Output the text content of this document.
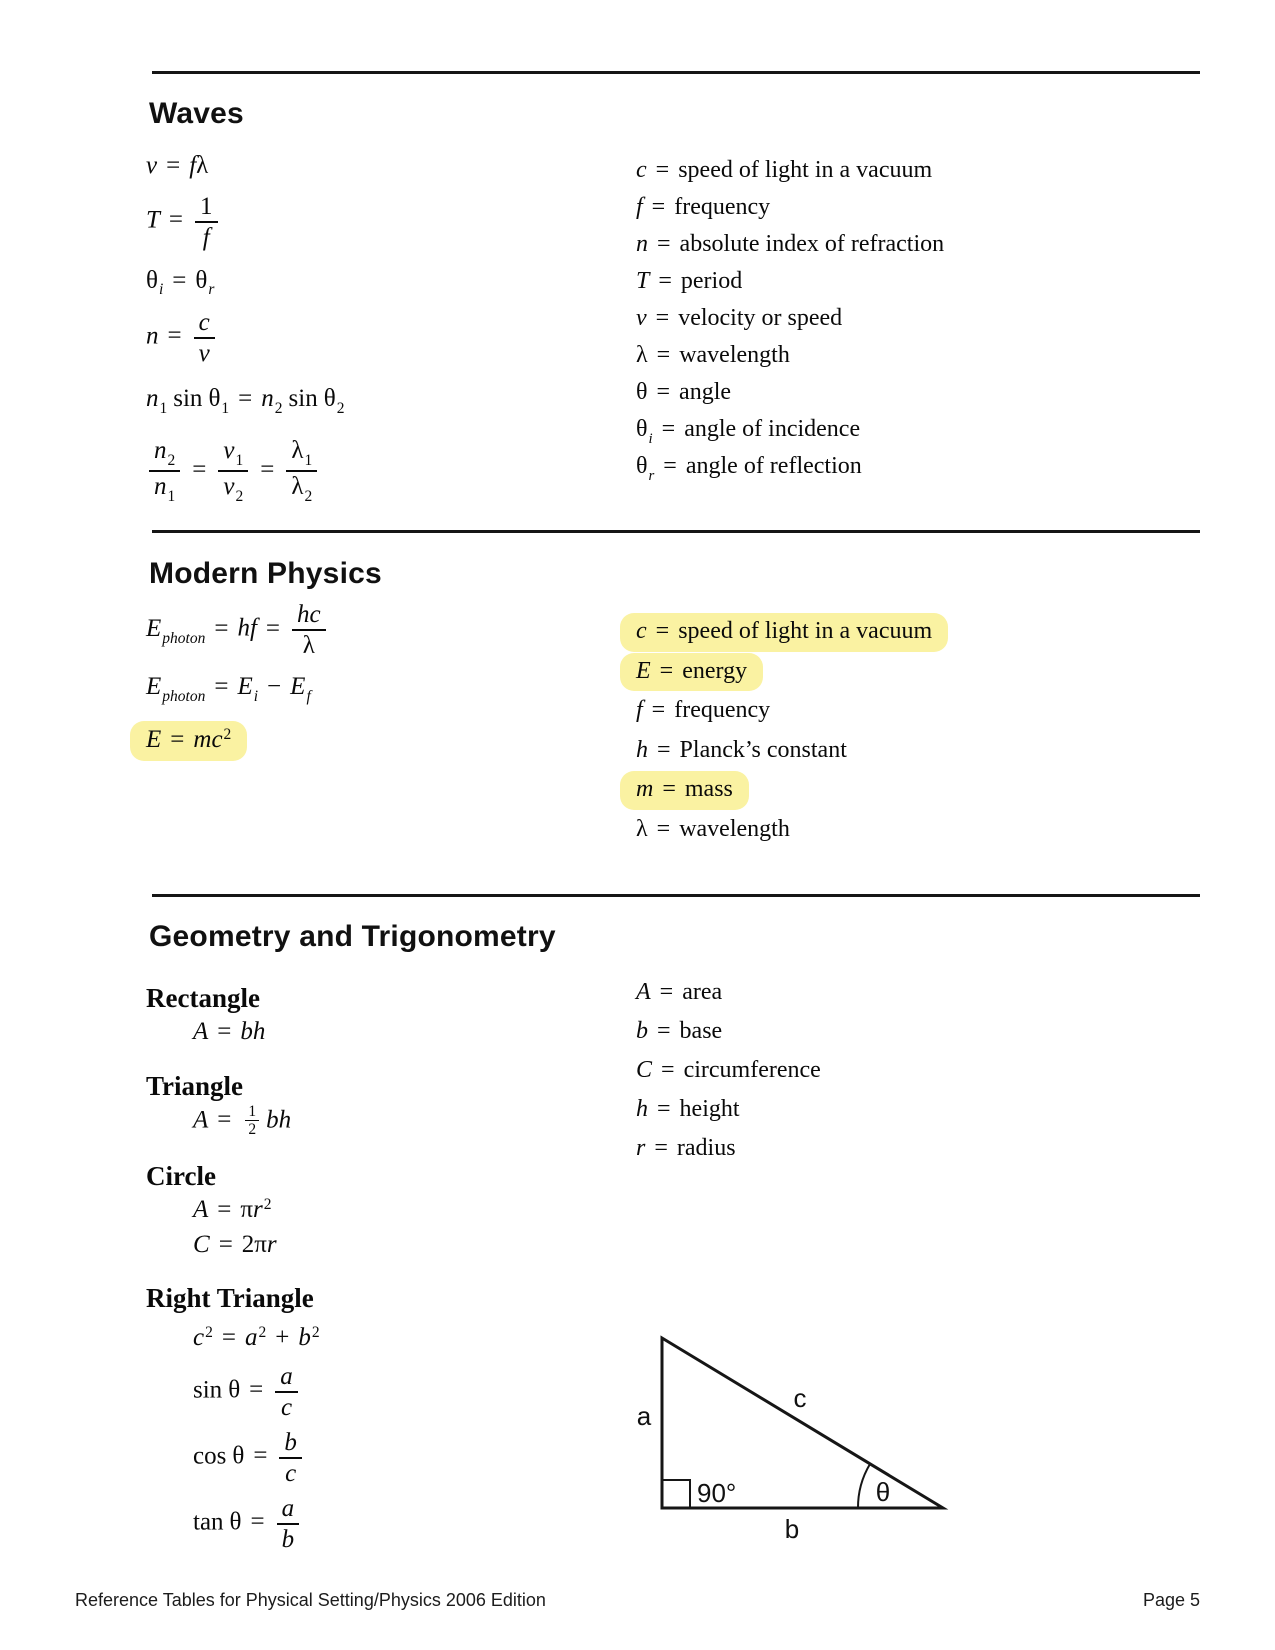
Waves
v = fλ
$T = \frac{1}{f}$
$\theta_i = \theta_r$
$n = \frac{c}{v}$
$n_1$ $\sin \theta_1 = n_2$ $\sin \theta_2$
$\frac{n_2}{n_1} = \frac{v_1}{v_2} = \frac{\lambda_1}{\lambda_2}$
c = speed of light in a vacuum
f = frequency
n = absolute index of refraction
T = period
v = velocity or speed
λ = wavelength
θ = angle
$\theta_i$ = angle of incidence
$\theta_r$ = angle of reflection
Modern Physics
$E_{photon}$ = hf = $\frac{hc}{\lambda}$
$E_{photon} = E_i - E_f$
$E = mc^2$
c = speed of light in a vacuum
E = energy
f = frequency
h = Planck’s constant
m = mass
λ = wavelength
Geometry and Trigonometry
Rectangle
A = bh
Triangle
$A = \frac{1}{2}$ bh
Circle
$A = \pi r^2$
C = 2πr
Right Triangle
$c^2 = a^2 + b^2$
$\sin \theta = \frac{a}{c}$
$\cos \theta = \frac{b}{c}$
$\tan \theta = \frac{a}{b}$
A = area
b = base
C = circumference
h = height
r = radius
a
c
90°	θ
b
Reference Tables for Physical Setting/Physics 2006 Edition	Page 5
